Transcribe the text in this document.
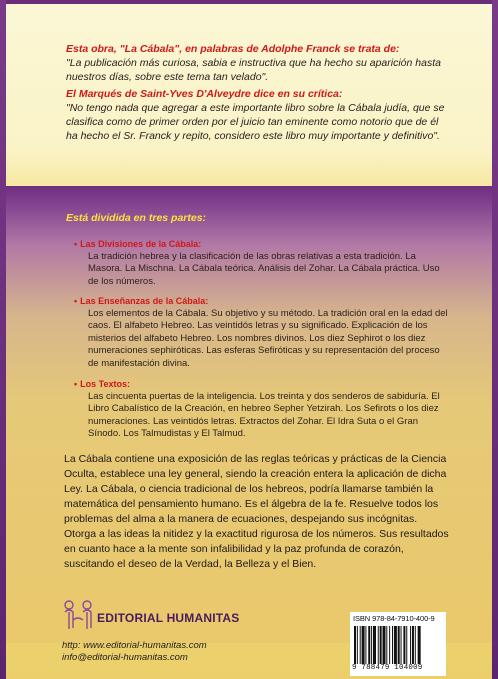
Esta obra, "La Cábala", en palabras de Adolphe Franck se trata de:
"La publicación más curiosa, sabia e instructiva que ha hecho su aparición hasta nuestros días, sobre este tema tan velado".
El Marqués de Saint-Yves D'Alveydre dice en su crítica:
"No tengo nada que agregar a este importante libro sobre la Cábala judía, que se clasifica como de primer orden por el juicio tan eminente como notorio que de él ha hecho el Sr. Franck y repito, considero este libro muy importante y definitivo".
Está dividida en tres partes:
• Las Divisiones de la Cábala:
La tradición hebrea y la clasificación de las obras relativas a esta tradición. La Masora. La Mischna. La Cábala teórica. Análisis del Zohar. La Cábala práctica. Uso de los números.
• Las Enseñanzas de la Cábala:
Los elementos de la Cábala. Su objetivo y su método. La tradición oral en la edad del caos. El alfabeto Hebreo. Las veintidós letras y su significado. Explicación de los misterios del alfabeto Hebreo. Los nombres divinos. Los diez Sephirot o los diez numeraciones sephiróticas. Las esferas Sefiróticas y su representación del proceso de manifestación divina.
• Los Textos:
Las cincuenta puertas de la inteligencia. Los treinta y dos senderos de sabiduría. El Libro Cabalístico de la Creación, en hebreo Sepher Yetzirah. Los Sefirots o los diez numeraciones. Las veintidós letras. Extractos del Zohar. El Idra Suta o el Gran Sínodo. Los Talmudistas y El Talmud.
La Cábala contiene una exposición de las reglas teóricas y prácticas de la Ciencia Oculta, establece una ley general, siendo la creación entera la aplicación de dicha Ley. La Cábala, o ciencia tradicional de los hebreos, podría llamarse también la matemática del pensamiento humano. Es el álgebra de la fe. Resuelve todos los problemas del alma a la manera de ecuaciones, despejando sus incógnitas. Otorga a las ideas la nitidez y la exactitud rigurosa de los números. Sus resultados en cuanto hace a la mente son infalibilidad y la paz profunda de corazón, suscitando el deseo de la Verdad, la Belleza y el Bien.
EDITORIAL HUMANITAS
http: www.editorial-humanitas.com
info@editorial-humanitas.com
ISBN 978-84-7910-400-9
9 788479 104009
